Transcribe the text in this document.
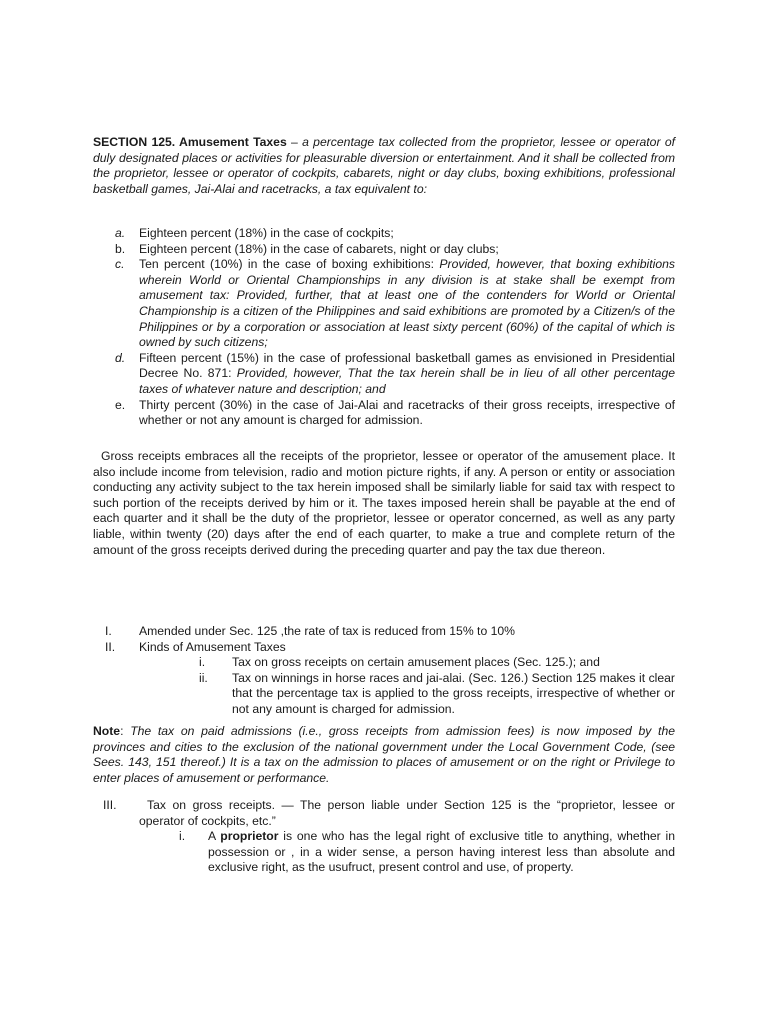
SECTION 125. Amusement Taxes – a percentage tax collected from the proprietor, lessee or operator of duly designated places or activities for pleasurable diversion or entertainment. And it shall be collected from the proprietor, lessee or operator of cockpits, cabarets, night or day clubs, boxing exhibitions, professional basketball games, Jai-Alai and racetracks, a tax equivalent to:

a. Eighteen percent (18%) in the case of cockpits;
b. Eighteen percent (18%) in the case of cabarets, night or day clubs;
c. Ten percent (10%) in the case of boxing exhibitions: Provided, however, that boxing exhibitions wherein World or Oriental Championships in any division is at stake shall be exempt from amusement tax: Provided, further, that at least one of the contenders for World or Oriental Championship is a citizen of the Philippines and said exhibitions are promoted by a Citizen/s of the Philippines or by a corporation or association at least sixty percent (60%) of the capital of which is owned by such citizens;
d. Fifteen percent (15%) in the case of professional basketball games as envisioned in Presidential Decree No. 871: Provided, however, That the tax herein shall be in lieu of all other percentage taxes of whatever nature and description; and
e. Thirty percent (30%) in the case of Jai-Alai and racetracks of their gross receipts, irrespective of whether or not any amount is charged for admission.

Gross receipts embraces all the receipts of the proprietor, lessee or operator of the amusement place. It also include income from television, radio and motion picture rights, if any. A person or entity or association conducting any activity subject to the tax herein imposed shall be similarly liable for said tax with respect to such portion of the receipts derived by him or it. The taxes imposed herein shall be payable at the end of each quarter and it shall be the duty of the proprietor, lessee or operator concerned, as well as any party liable, within twenty (20) days after the end of each quarter, to make a true and complete return of the amount of the gross receipts derived during the preceding quarter and pay the tax due thereon.

I. Amended under Sec. 125 ,the rate of tax is reduced from 15% to 10%
II. Kinds of Amusement Taxes
i. Tax on gross receipts on certain amusement places (Sec. 125.); and
ii. Tax on winnings in horse races and jai-alai. (Sec. 126.) Section 125 makes it clear that the percentage tax is applied to the gross receipts, irrespective of whether or not any amount is charged for admission.

Note: The tax on paid admissions (i.e., gross receipts from admission fees) is now imposed by the provinces and cities to the exclusion of the national government under the Local Government Code, (see Sees. 143, 151 thereof.) It is a tax on the admission to places of amusement or on the right or Privilege to enter places of amusement or performance.

III. Tax on gross receipts. — The person liable under Section 125 is the “proprietor, lessee or operator of cockpits, etc.”
i. A proprietor is one who has the legal right of exclusive title to anything, whether in possession or , in a wider sense, a person having interest less than absolute and exclusive right, as the usufruct, present control and use, of property.
